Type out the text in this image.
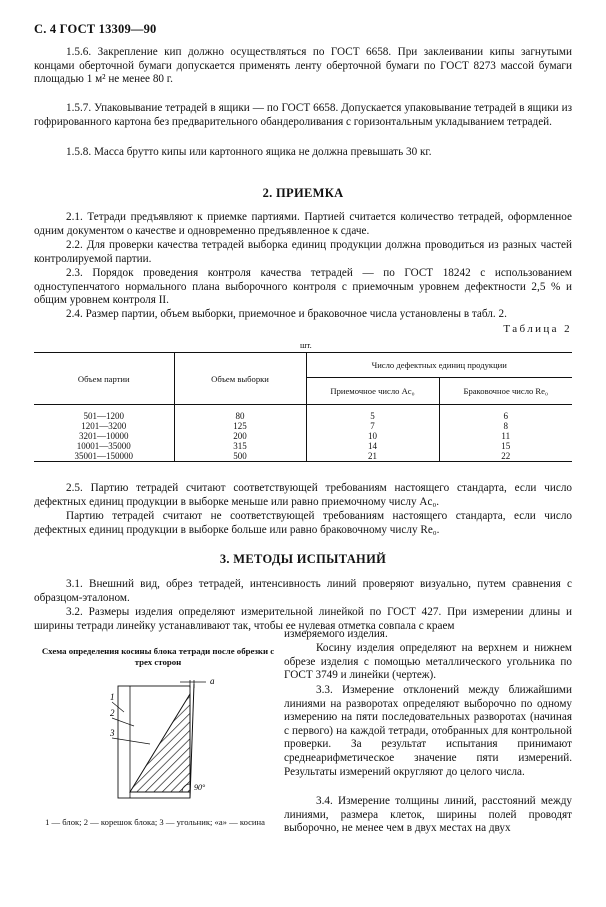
С. 4 ГОСТ 13309—90
1.5.6. Закрепление кип должно осуществляться по ГОСТ 6658. При заклеивании кипы загнутыми концами оберточной бумаги допускается применять ленту оберточной бумаги по ГОСТ 8273 массой бумаги площадью 1 м² не менее 80 г.
1.5.7. Упаковывание тетрадей в ящики — по ГОСТ 6658. Допускается упаковывание тетрадей в ящики из гофрированного картона без предварительного обандероливания с горизонтальным укладыванием тетрадей.
1.5.8. Масса брутто кипы или картонного ящика не должна превышать 30 кг.
2. ПРИЕМКА
2.1. Тетради предъявляют к приемке партиями. Партией считается количество тетрадей, оформленное одним документом о качестве и одновременно предъявленное к сдаче.
2.2. Для проверки качества тетрадей выборка единиц продукции должна проводиться из разных частей контролируемой партии.
2.3. Порядок проведения контроля качества тетрадей — по ГОСТ 18242 с использованием одноступенчатого нормального плана выборочного контроля с приемочным уровнем дефектности 2,5 % и общим уровнем контроля II.
2.4. Размер партии, объем выборки, приемочное и браковочное числа установлены в табл. 2.
Таблица 2
шт.
Объем партии	Объем выборки	Число дефектных единиц продукции	
		Приемочное число Ac₀	Браковочное число Re₀
501—1200	80	5	6
1201—3200	125	7	8
3201—10000	200	10	11
10001—35000	315	14	15
35001—150000	500	21	22
2.5. Партию тетрадей считают соответствующей требованиям настоящего стандарта, если число дефектных единиц продукции в выборке меньше или равно приемочному числу Ac₀.
Партию тетрадей считают не соответствующей требованиям настоящего стандарта, если число дефектных единиц продукции в выборке больше или равно браковочному числу Re₀.
3. МЕТОДЫ ИСПЫТАНИЙ
3.1. Внешний вид, обрез тетрадей, интенсивность линий проверяют визуально, путем сравнения с образцом-эталоном.
3.2. Размеры изделия определяют измерительной линейкой по ГОСТ 427. При измерении длины и ширины тетради линейку устанавливают так, чтобы ее нулевая отметка совпала с краем
измеряемого изделия.
Косину изделия определяют на верхнем и нижнем обрезе изделия с помощью металлического угольника по ГОСТ 3749 и линейки (чертеж).
3.3. Измерение отклонений между ближайшими линиями на разворотах определяют выборочно по одному измерению на пяти последовательных разворотах (начиная с первого) на каждой тетради, отобранных для контрольной проверки. За результат испытания принимают среднеарифметическое значение пяти измерений. Результаты измерений округляют до целого числа.
3.4. Измерение толщины линий, расстояний между линиями, размера клеток, ширины полей проводят выборочно, не менее чем в двух местах на двух
Схема определения косины блока тетради после обрезки с трех сторон
1
2
3
а
90°
1 — блок; 2 — корешок блока; 3 — угольник; «а» — косина
